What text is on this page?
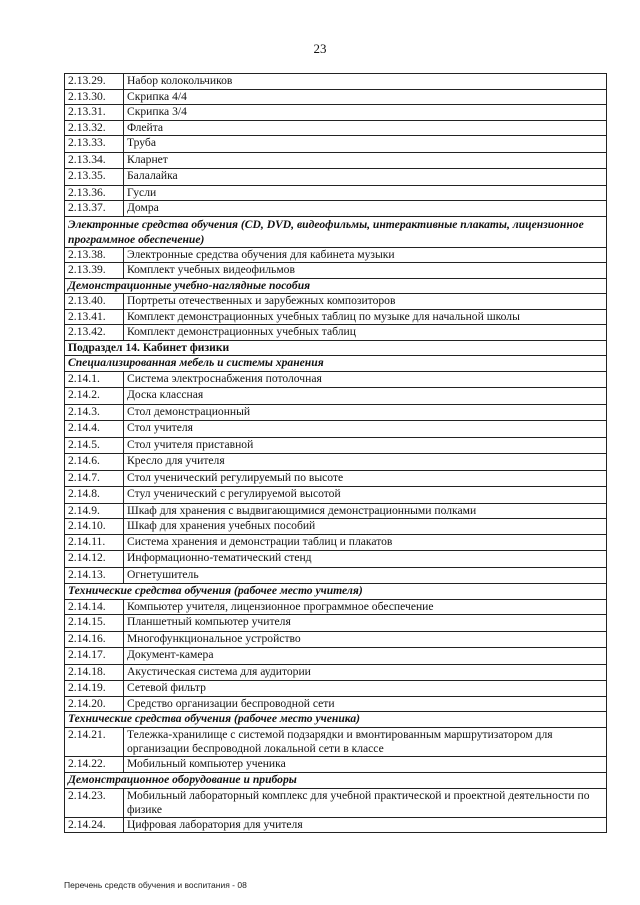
23
2.13.29.	Набор колокольчиков
2.13.30.	Скрипка 4/4
2.13.31.	Скрипка 3/4
2.13.32.	Флейта
2.13.33.	Труба
2.13.34.	Кларнет
2.13.35.	Балалайка
2.13.36.	Гусли
2.13.37.	Домра
Электронные средства обучения (CD, DVD, видеофильмы, интерактивные плакаты, лицензионное программное обеспечение)	
2.13.38.	Электронные средства обучения для кабинета музыки
2.13.39.	Комплект учебных видеофильмов
Демонстрационные учебно-наглядные пособия	
2.13.40.	Портреты отечественных и зарубежных композиторов
2.13.41.	Комплект демонстрационных учебных таблиц по музыке для начальной школы
2.13.42.	Комплект демонстрационных учебных таблиц
Подраздел 14. Кабинет физики	
Специализированная мебель и системы хранения	
2.14.1.	Система электроснабжения потолочная
2.14.2.	Доска классная
2.14.3.	Стол демонстрационный
2.14.4.	Стол учителя
2.14.5.	Стол учителя приставной
2.14.6.	Кресло для учителя
2.14.7.	Стол ученический регулируемый по высоте
2.14.8.	Стул ученический с регулируемой высотой
2.14.9.	Шкаф для хранения с выдвигающимися демонстрационными полками
2.14.10.	Шкаф для хранения учебных пособий
2.14.11.	Система хранения и демонстрации таблиц и плакатов
2.14.12.	Информационно-тематический стенд
2.14.13.	Огнетушитель
Технические средства обучения (рабочее место учителя)	
2.14.14.	Компьютер учителя, лицензионное программное обеспечение
2.14.15.	Планшетный компьютер учителя
2.14.16.	Многофункциональное устройство
2.14.17.	Документ-камера
2.14.18.	Акустическая система для аудитории
2.14.19.	Сетевой фильтр
2.14.20.	Средство организации беспроводной сети
Технические средства обучения (рабочее место ученика)	
2.14.21.	Тележка-хранилище с системой подзарядки и вмонтированным маршрутизатором для организации беспроводной локальной сети в классе
2.14.22.	Мобильный компьютер ученика
Демонстрационное оборудование и приборы	
2.14.23.	Мобильный лабораторный комплекс для учебной практической и проектной деятельности по физике
2.14.24.	Цифровая лаборатория для учителя
Перечень средств обучения и воспитания - 08
